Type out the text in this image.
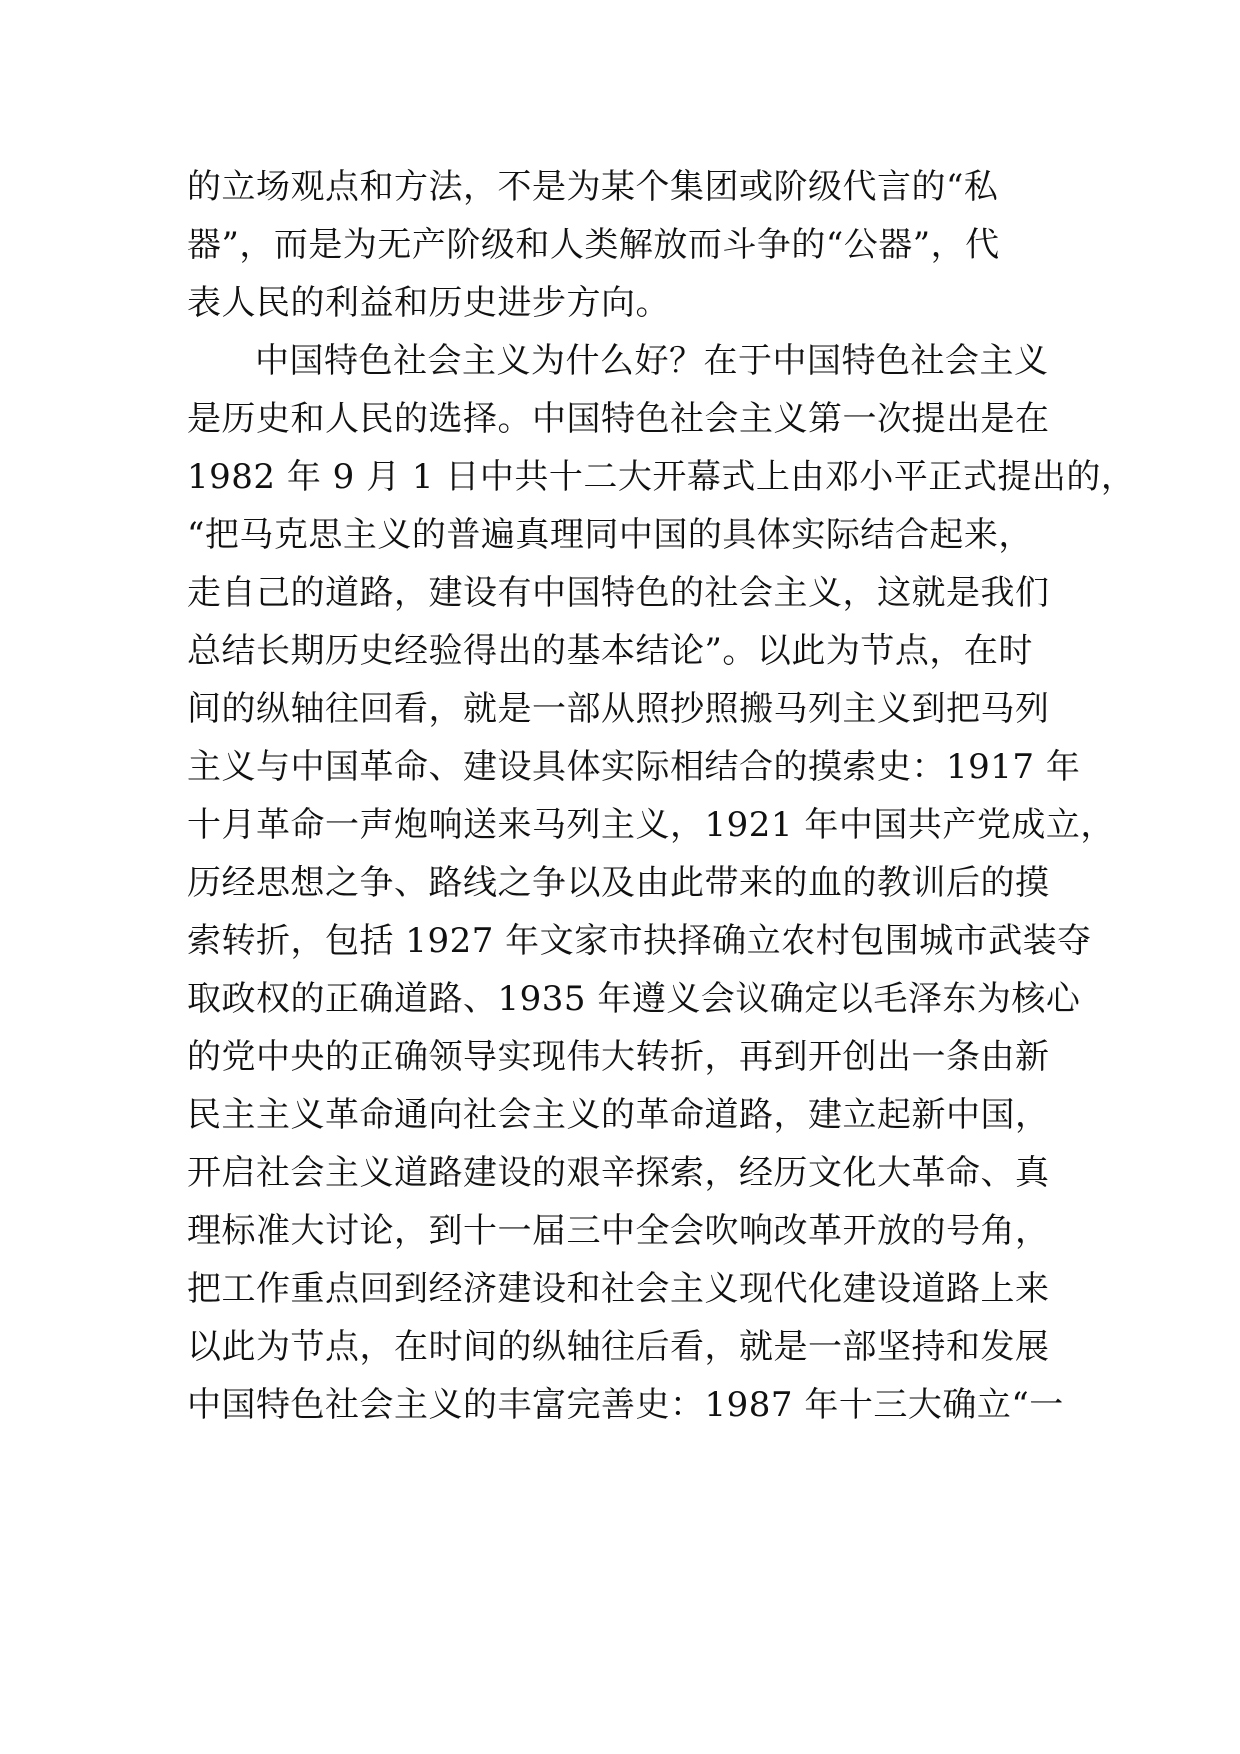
的立场观点和方法，不是为某个集团或阶级代言的“私
器”，而是为无产阶级和人类解放而斗争的“公器”，代
表人民的利益和历史进步方向。
中国特色社会主义为什么好？在于中国特色社会主义
是历史和人民的选择。中国特色社会主义第一次提出是在
1982 年 9 月 1 日中共十二大开幕式上由邓小平正式提出的，
“把马克思主义的普遍真理同中国的具体实际结合起来，
走自己的道路，建设有中国特色的社会主义，这就是我们
总结长期历史经验得出的基本结论”。以此为节点，在时
间的纵轴往回看，就是一部从照抄照搬马列主义到把马列
主义与中国革命、建设具体实际相结合的摸索史：1917 年
十月革命一声炮响送来马列主义，1921 年中国共产党成立，
历经思想之争、路线之争以及由此带来的血的教训后的摸
索转折，包括 1927 年文家市抉择确立农村包围城市武装夺
取政权的正确道路、1935 年遵义会议确定以毛泽东为核心
的党中央的正确领导实现伟大转折，再到开创出一条由新
民主主义革命通向社会主义的革命道路，建立起新中国，
开启社会主义道路建设的艰辛探索，经历文化大革命、真
理标准大讨论，到十一届三中全会吹响改革开放的号角，
把工作重点回到经济建设和社会主义现代化建设道路上来
以此为节点，在时间的纵轴往后看，就是一部坚持和发展
中国特色社会主义的丰富完善史：1987 年十三大确立“一
